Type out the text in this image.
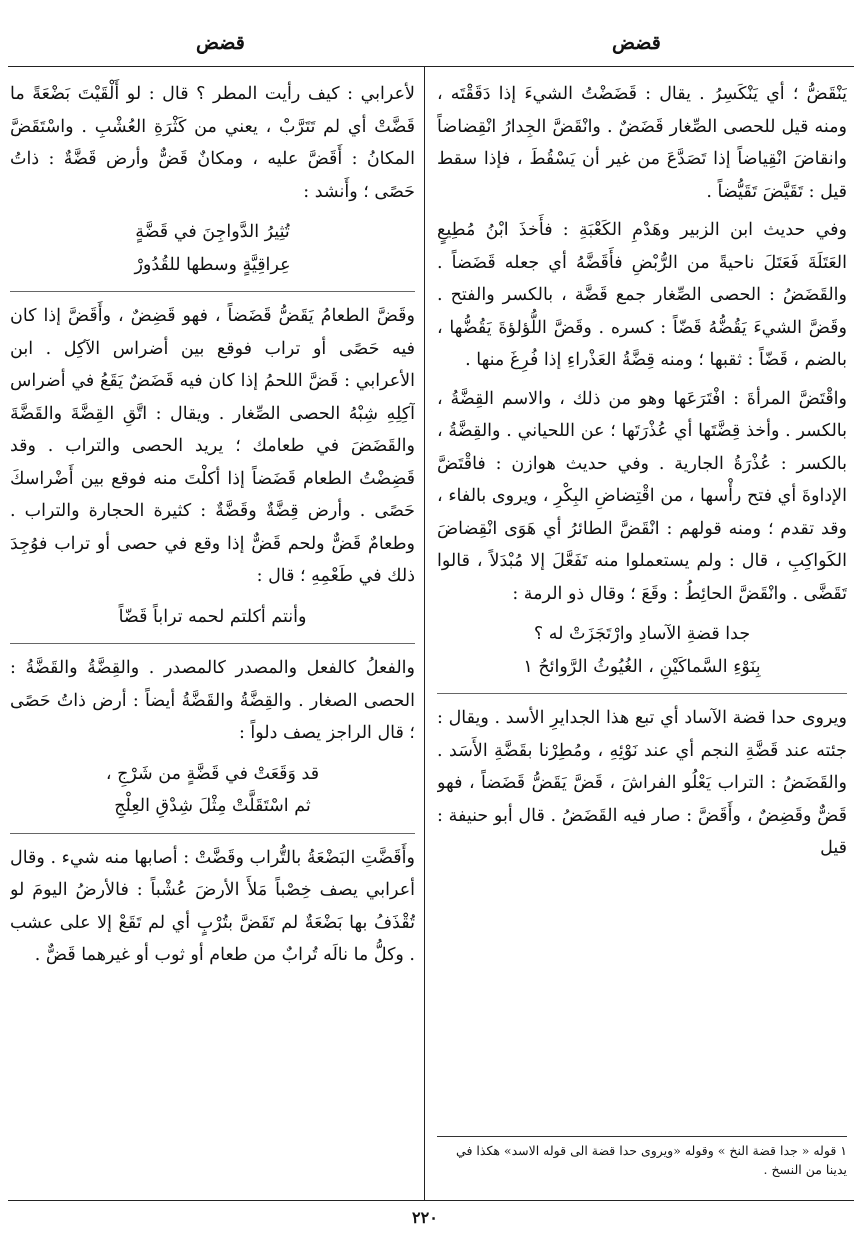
قضض
قضض

يَنْقَضُّ ؛ أي يَنْكَسِرُ . يقال : قَضَضْتُ الشيءَ إذا دَقَقْتَه ، ومنه قيل للحصى الصِّغار قَضَضٌ . وانْقَضَّ الجِدارُ انْقِضاضاً وانقاضَ انْقِياضاً إذا تَصَدَّعَ من غير أن يَسْقُطَ ، فإذا سقط قيل : تَقَيَّضَ تَقَيُّضاً .

وفي حديث ابن الزبير وهَدْمِ الكَعْبَةِ : فأَخذَ ابْنُ مُطِيعٍ العَتَلَةَ فَعَتَلَ ناحيةً من الرُّبْضِ فأَقَضَّهُ أي جعله قَضَضاً . والقَضَضُ : الحصى الصِّغار جمع قَضَّة ، بالكسر والفتح . وقَضَّ الشيءَ يَقُضُّهُ قَضّاً : كسره . وقَضَّ اللُّؤلؤةَ يَقُضُّها ، بالضم ، قَضّاً : ثقبها ؛ ومنه قِضَّةُ العَذْراءِ إذا فُرِغَ منها .

واقْتَضَّ المرأةَ : افْتَرَعَها وهو من ذلك ، والاسم القِضَّةُ ، بالكسر . وأخذ قِضَّتَها أي عُذْرَتَها ؛ عن اللحياني . والقِضَّةُ ، بالكسر : عُذْرَةُ الجارية . وفي حديث هوازن : فاقْتَضَّ الإداوةَ أي فتح رأْسها ، من اقْتِضاضِ البِكْرِ ، ويروى بالفاء ، وقد تقدم ؛ ومنه قولهم : انْقَضَّ الطائرُ أي هَوَى انْقِضاضَ الكَواكِبِ ، قال : ولم يستعملوا منه تَفَعَّلَ إلا مُبْدَلاً ، قالوا تَقَضَّى . وانْقَضَّ الحائِطُ : وقَعَ ؛ وقال ذو الرمة :

جدا قضةِ الآسادِ وارْتَجَزَتْ له ؟
بِنَوْءِ السَّماكَيْنِ ، الغُيُوثُ الرَّوائحُ ١

ويروى حدا قضة الآساد أي تبع هذا الجدايرِ الأسد . ويقال : جئته عند قَضَّةِ النجم أي عند نَوْئِهِ ، ومُطِرْنا بقَضَّةِ الأَسَد . والقَضَضُ : التراب يَعْلُو الفراشَ ، قَضَّ يَقَضُّ قَضَضاً ، فهو قَضٌّ وقَضِضٌ ، وأَقَضَّ : صار فيه القَضَضُ . قال أبو حنيفة : قيل

لأعرابي : كيف رأيت المطر ؟ قال : لو أَلْقَيْتَ بَضْعَةً ما قَضَّتْ أي لم تَتَرَّبْ ، يعني من كَثْرَةِ العُشْبِ . واسْتَقَضَّ المكانُ : أَقَضَّ عليه ، ومكانٌ قَضٌّ وأرض قَضَّةٌ : ذاتُ حَصًى ؛ وأَنشد :

تُثِيرُ الدَّواجِنَ في قَضَّةٍ
عِراقِيَّةٍ وسطها للقُدُورْ

وقَضَّ الطعامُ يَقَضُّ قَضَضاً ، فهو قَضِضٌ ، وأَقَضَّ إذا كان فيه حَصًى أو تراب فوقع بين أضراس الآكِل . ابن الأعرابي : قَضَّ اللحمُ إذا كان فيه قَضَضٌ يَقَعُ في أضراس آكِلِهِ شِبْهُ الحصى الصِّغار . ويقال : اتَّقِ القِضَّةَ والقَضَّةَ والقَضَضَ في طعامك ؛ يريد الحصى والتراب . وقد قَضِضْتُ الطعام قَضَضاً إذا أكلْتَ منه فوقع بين أَضْراسكَ حَصًى . وأرض قِضَّةٌ وقَضَّةٌ : كثيرة الحجارة والتراب . وطعامٌ قَضٌّ ولحم قَضٌّ إذا وقع في حصى أو تراب فوُجِدَ ذلك في طَعْمِهِ ؛ قال :

وأنتم أكلتم لحمه تراباً قَضّاً

والفعلُ كالفعل والمصدر كالمصدر . والقِضَّةُ والقَضَّةُ : الحصى الصغار . والقِضَّةُ والقَضَّةُ أيضاً : أرض ذاتُ حَصًى ؛ قال الراجز يصف دلواً :

قد وَقَعَتْ في قَضَّةٍ من شَرْجِ ،
ثم اسْتَقَلَّتْ مِثْلَ شِدْقِ العِلْجِ

وأَقَضَّتِ البَضْعَةُ بالتُّراب وقَضَّتْ : أصابها منه شيء . وقال أعرابي يصف خِصْباً مَلأَ الأرضَ عُشْباً : فالأرضُ اليومَ لو تُقْذَفُ بها بَضْعَةٌ لم تَقَضَّ بتُرْبٍ أي لم تَقَعْ إلا على عشب . وكلُّ ما نالَه تُرابٌ من طعام أو ثوب أو غيرهما قَضٌّ .

١ قوله « جدا قضة النخ » وقوله «ويروى حدا قضة الى قوله الاسد» هكذا في يدينا من النسخ .
٢٢٠
